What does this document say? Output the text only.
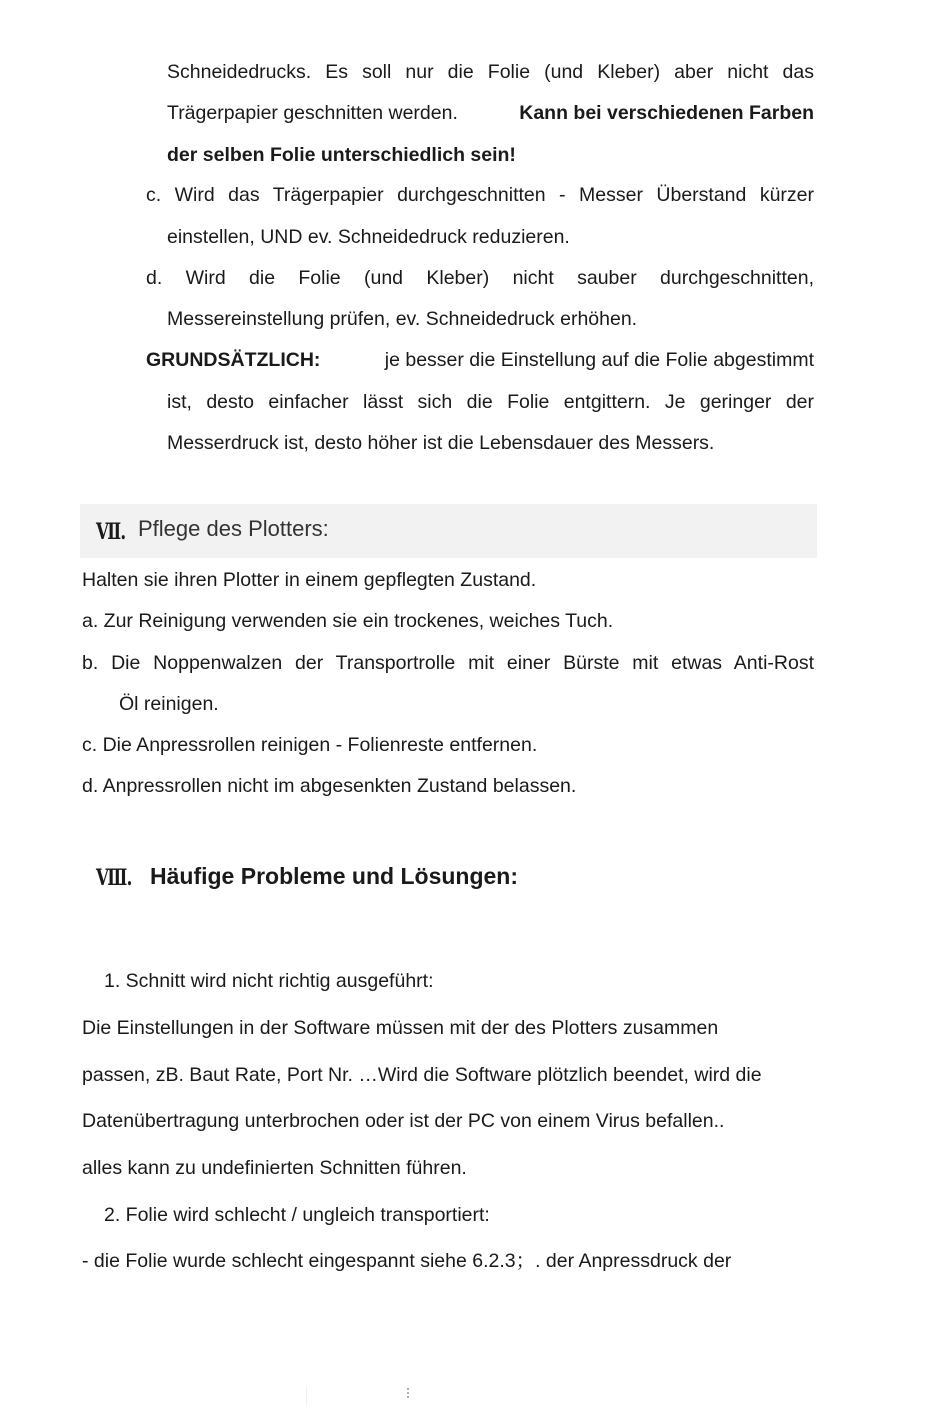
Schneidedrucks. Es soll nur die Folie (und Kleber) aber nicht das
Trägerpapier geschnitten werden.	Kann bei verschiedenen Farben
der selben Folie unterschiedlich sein!
c. Wird das Trägerpapier durchgeschnitten - Messer Überstand kürzer
einstellen, UND ev. Schneidedruck reduzieren.
d. Wird die Folie (und Kleber) nicht sauber durchgeschnitten,
Messereinstellung prüfen, ev. Schneidedruck erhöhen.
GRUNDSÄTZLICH:	je besser die Einstellung auf die Folie abgestimmt
ist, desto einfacher lässt sich die Folie entgittern. Je geringer der
Messerdruck ist, desto höher ist die Lebensdauer des Messers.
Ⅶ. Pflege des Plotters:
Halten sie ihren Plotter in einem gepflegten Zustand.
a. Zur Reinigung verwenden sie ein trockenes, weiches Tuch.
b. Die Noppenwalzen der Transportrolle mit einer Bürste mit etwas Anti-Rost
Öl reinigen.
c. Die Anpressrollen reinigen - Folienreste entfernen.
d. Anpressrollen nicht im abgesenkten Zustand belassen.
Ⅷ. Häufige Probleme und Lösungen:
1. Schnitt wird nicht richtig ausgeführt:
Die Einstellungen in der Software müssen mit der des Plotters zusammen
passen, zB. Baut Rate, Port Nr. …Wird die Software plötzlich beendet, wird die
Datenübertragung unterbrochen oder ist der PC von einem Virus befallen..
alles kann zu undefinierten Schnitten führen.
2. Folie wird schlecht / ungleich transportiert:
- die Folie wurde schlecht eingespannt siehe 6.2.3；. der Anpressdruck der
